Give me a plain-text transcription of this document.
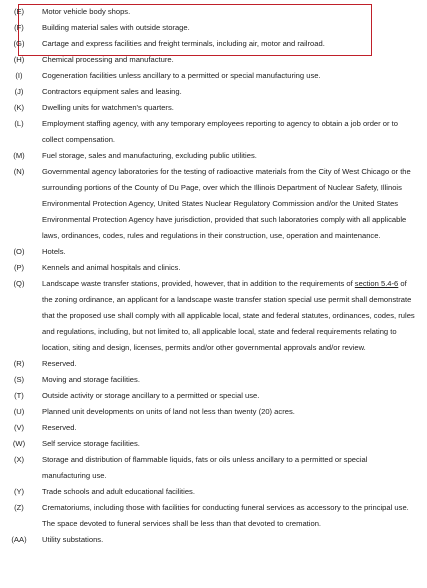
(E)	Motor vehicle body shops.
(F)	Building material sales with outside storage.
(G)	Cartage and express facilities and freight terminals, including air, motor and railroad.
(H)	Chemical processing and manufacture.
(I)	Cogeneration facilities unless ancillary to a permitted or special manufacturing use.
(J)	Contractors equipment sales and leasing.
(K)	Dwelling units for watchmen's quarters.
(L)	Employment staffing agency, with any temporary employees reporting to agency to obtain a job order or to collect compensation.
(M)	Fuel storage, sales and manufacturing, excluding public utilities.
(N)	Governmental agency laboratories for the testing of radioactive materials from the City of West Chicago or the surrounding portions of the County of Du Page, over which the Illinois Department of Nuclear Safety, Illinois Environmental Protection Agency, United States Nuclear Regulatory Commission and/or the United States Environmental Protection Agency have jurisdiction, provided that such laboratories comply with all applicable laws, ordinances, codes, rules and regulations in their construction, use, operation and maintenance.
(O)	Hotels.
(P)	Kennels and animal hospitals and clinics.
(Q)	Landscape waste transfer stations, provided, however, that in addition to the requirements of section 5.4-6 of the zoning ordinance, an applicant for a landscape waste transfer station special use permit shall demonstrate that the proposed use shall comply with all applicable local, state and federal statutes, ordinances, codes, rules and regulations, including, but not limited to, all applicable local, state and federal requirements relating to location, siting and design, licenses, permits and/or other governmental approvals and/or review.
(R)	Reserved.
(S)	Moving and storage facilities.
(T)	Outside activity or storage ancillary to a permitted or special use.
(U)	Planned unit developments on units of land not less than twenty (20) acres.
(V)	Reserved.
(W)	Self service storage facilities.
(X)	Storage and distribution of flammable liquids, fats or oils unless ancillary to a permitted or special manufacturing use.
(Y)	Trade schools and adult educational facilities.
(Z)	Crematoriums, including those with facilities for conducting funeral services as accessory to the principal use. The space devoted to funeral services shall be less than that devoted to cremation.
(AA)	Utility substations.
